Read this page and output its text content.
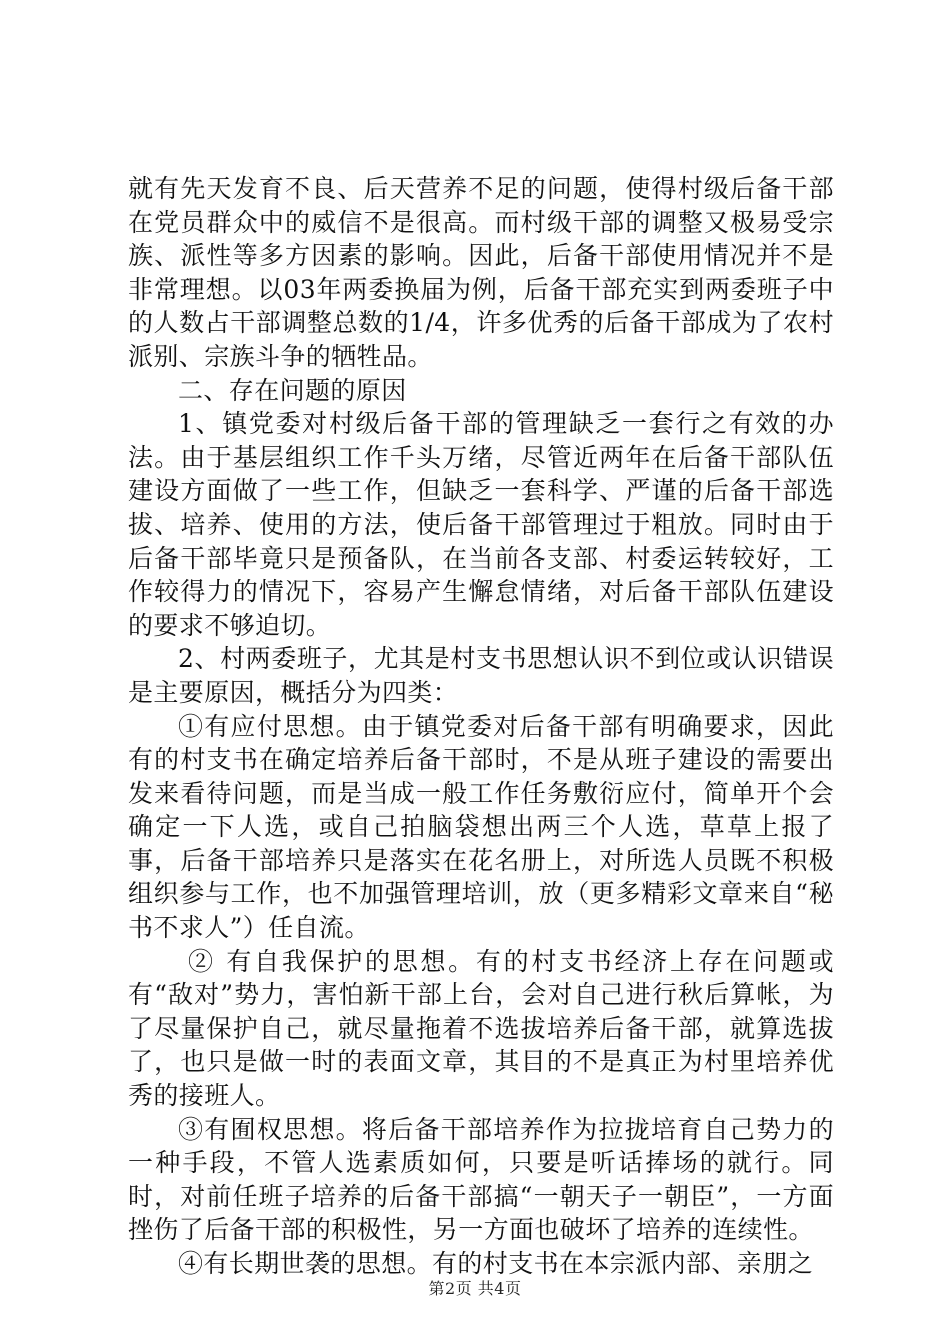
就有先天发育不良、后天营养不足的问题，使得村级后备干部在党员群众中的威信不是很高。而村级干部的调整又极易受宗族、派性等多方因素的影响。因此，后备干部使用情况并不是非常理想。以03年两委换届为例，后备干部充实到两委班子中的人数占干部调整总数的1/4，许多优秀的后备干部成为了农村派别、宗族斗争的牺牲品。

二、存在问题的原因

1、镇党委对村级后备干部的管理缺乏一套行之有效的办法。由于基层组织工作千头万绪，尽管近两年在后备干部队伍建设方面做了一些工作，但缺乏一套科学、严谨的后备干部选拔、培养、使用的方法，使后备干部管理过于粗放。同时由于后备干部毕竟只是预备队，在当前各支部、村委运转较好，工作较得力的情况下，容易产生懈怠情绪，对后备干部队伍建设的要求不够迫切。

2、村两委班子，尤其是村支书思想认识不到位或认识错误是主要原因，概括分为四类：

①有应付思想。由于镇党委对后备干部有明确要求，因此有的村支书在确定培养后备干部时，不是从班子建设的需要出发来看待问题，而是当成一般工作任务敷衍应付，简单开个会确定一下人选，或自己拍脑袋想出两三个人选，草草上报了事，后备干部培养只是落实在花名册上，对所选人员既不积极组织参与工作，也不加强管理培训，放（更多精彩文章来自“秘书不求人”）任自流。

② 有自我保护的思想。有的村支书经济上存在问题或有“敌对”势力，害怕新干部上台，会对自己进行秋后算帐，为了尽量保护自己，就尽量拖着不选拔培养后备干部，就算选拔了，也只是做一时的表面文章，其目的不是真正为村里培养优秀的接班人。

③有囿权思想。将后备干部培养作为拉拢培育自己势力的一种手段，不管人选素质如何，只要是听话捧场的就行。同时，对前任班子培养的后备干部搞“一朝天子一朝臣”，一方面挫伤了后备干部的积极性，另一方面也破坏了培养的连续性。

④有长期世袭的思想。有的村支书在本宗派内部、亲朋之

第2页 共4页
